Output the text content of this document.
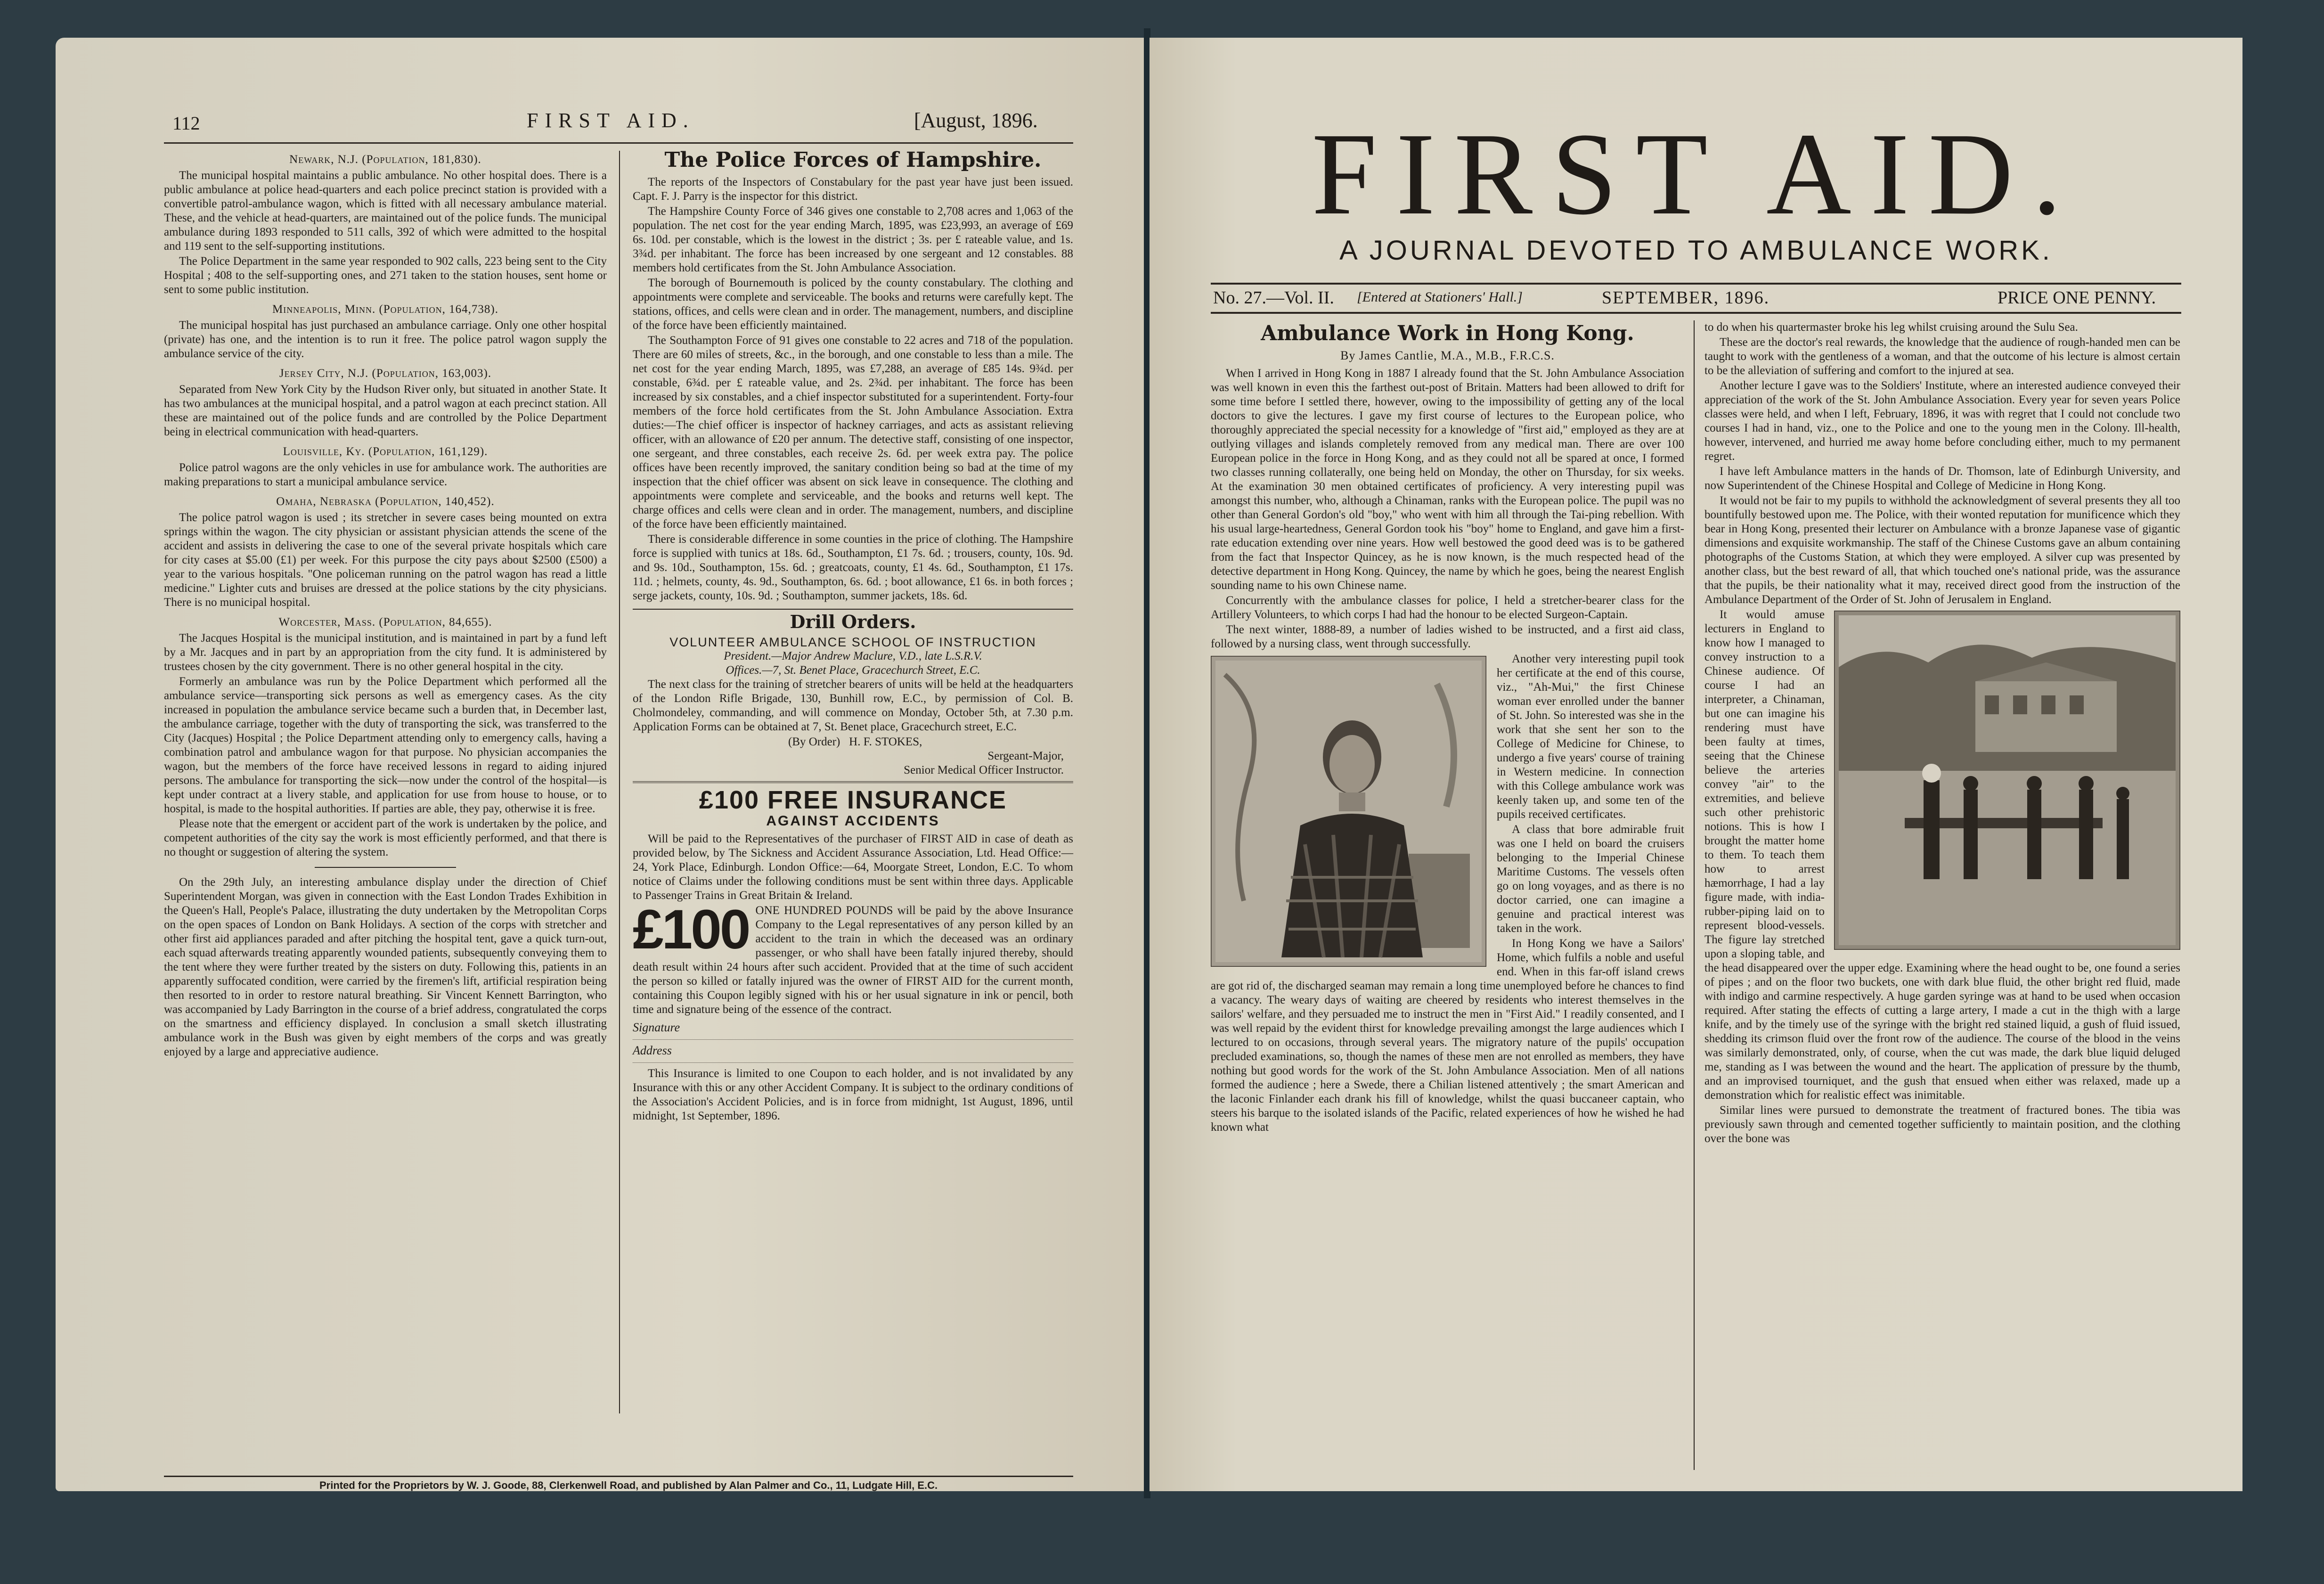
112	FIRST AID.	[August, 1896.
Newark, N.J. (Population, 181,830).

The municipal hospital maintains a public ambulance. No other hospital does. There is a public ambulance at police head-quarters and each police precinct station is provided with a convertible patrol-ambulance wagon, which is fitted with all necessary ambulance material. These, and the vehicle at head-quarters, are maintained out of the police funds. The municipal ambulance during 1893 responded to 511 calls, 392 of which were admitted to the hospital and 119 sent to the self-supporting institutions.

The Police Department in the same year responded to 902 calls, 223 being sent to the City Hospital ; 408 to the self-supporting ones, and 271 taken to the station houses, sent home or sent to some public institution.

Minneapolis, Minn. (Population, 164,738).

The municipal hospital has just purchased an ambulance carriage. Only one other hospital (private) has one, and the intention is to run it free. The police patrol wagon supply the ambulance service of the city.

Jersey City, N.J. (Population, 163,003).

Separated from New York City by the Hudson River only, but situated in another State. It has two ambulances at the municipal hospital, and a patrol wagon at each precinct station. All these are maintained out of the police funds and are controlled by the Police Department being in electrical communication with head-quarters.

Louisville, Ky. (Population, 161,129).

Police patrol wagons are the only vehicles in use for ambulance work. The authorities are making preparations to start a municipal ambulance service.

Omaha, Nebraska (Population, 140,452).

The police patrol wagon is used ; its stretcher in severe cases being mounted on extra springs within the wagon. The city physician or assistant physician attends the scene of the accident and assists in delivering the case to one of the several private hospitals which care for city cases at $5.00 (£1) per week. For this purpose the city pays about $2500 (£500) a year to the various hospitals. "One policeman running on the patrol wagon has read a little medicine." Lighter cuts and bruises are dressed at the police stations by the city physicians. There is no municipal hospital.

Worcester, Mass. (Population, 84,655).

The Jacques Hospital is the municipal institution, and is maintained in part by a fund left by a Mr. Jacques and in part by an appropriation from the city fund. It is administered by trustees chosen by the city government. There is no other general hospital in the city.

Formerly an ambulance was run by the Police Department which performed all the ambulance service—transporting sick persons as well as emergency cases. As the city increased in population the ambulance service became such a burden that, in December last, the ambulance carriage, together with the duty of transporting the sick, was transferred to the City (Jacques) Hospital ; the Police Department attending only to emergency calls, having a combination patrol and ambulance wagon for that purpose. No physician accompanies the wagon, but the members of the force have received lessons in regard to aiding injured persons. The ambulance for transporting the sick—now under the control of the hospital—is kept under contract at a livery stable, and application for use from house to house, or to hospital, is made to the hospital authorities. If parties are able, they pay, otherwise it is free.

Please note that the emergent or accident part of the work is undertaken by the police, and competent authorities of the city say the work is most efficiently performed, and that there is no thought or suggestion of altering the system.

On the 29th July, an interesting ambulance display under the direction of Chief Superintendent Morgan, was given in connection with the East London Trades Exhibition in the Queen's Hall, People's Palace, illustrating the duty undertaken by the Metropolitan Corps on the open spaces of London on Bank Holidays. A section of the corps with stretcher and other first aid appliances paraded and after pitching the hospital tent, gave a quick turn-out, each squad afterwards treating apparently wounded patients, subsequently conveying them to the tent where they were further treated by the sisters on duty. Following this, patients in an apparently suffocated condition, were carried by the firemen's lift, artificial respiration being then resorted to in order to restore natural breathing. Sir Vincent Kennett Barrington, who was accompanied by Lady Barrington in the course of a brief address, congratulated the corps on the smartness and efficiency displayed. In conclusion a small sketch illustrating ambulance work in the Bush was given by eight members of the corps and was greatly enjoyed by a large and appreciative audience.

The Police Forces of Hampshire.

The reports of the Inspectors of Constabulary for the past year have just been issued. Capt. F. J. Parry is the inspector for this district.

The Hampshire County Force of 346 gives one constable to 2,708 acres and 1,063 of the population. The net cost for the year ending March, 1895, was £23,993, an average of £69 6s. 10d. per constable, which is the lowest in the district ; 3s. per £ rateable value, and 1s. 3¾d. per inhabitant. The force has been increased by one sergeant and 12 constables. 88 members hold certificates from the St. John Ambulance Association.

The borough of Bournemouth is policed by the county constabulary. The clothing and appointments were complete and serviceable. The books and returns were carefully kept. The stations, offices, and cells were clean and in order. The management, numbers, and discipline of the force have been efficiently maintained.

The Southampton Force of 91 gives one constable to 22 acres and 718 of the population. There are 60 miles of streets, &c., in the borough, and one constable to less than a mile. The net cost for the year ending March, 1895, was £7,288, an average of £85 14s. 9¾d. per constable, 6¾d. per £ rateable value, and 2s. 2¾d. per inhabitant. The force has been increased by six constables, and a chief inspector substituted for a superintendent. Forty-four members of the force hold certificates from the St. John Ambulance Association. Extra duties:—The chief officer is inspector of hackney carriages, and acts as assistant relieving officer, with an allowance of £20 per annum. The detective staff, consisting of one inspector, one sergeant, and three constables, each receive 2s. 6d. per week extra pay. The police offices have been recently improved, the sanitary condition being so bad at the time of my inspection that the chief officer was absent on sick leave in consequence. The clothing and appointments were complete and serviceable, and the books and returns well kept. The charge offices and cells were clean and in order. The management, numbers, and discipline of the force have been efficiently maintained.

There is considerable difference in some counties in the price of clothing. The Hampshire force is supplied with tunics at 18s. 6d., Southampton, £1 7s. 6d. ; trousers, county, 10s. 9d. and 9s. 10d., Southampton, 15s. 6d. ; greatcoats, county, £1 4s. 6d., Southampton, £1 17s. 11d. ; helmets, county, 4s. 9d., Southampton, 6s. 6d. ; boot allowance, £1 6s. in both forces ; serge jackets, county, 10s. 9d. ; Southampton, summer jackets, 18s. 6d.

Drill Orders.
VOLUNTEER AMBULANCE SCHOOL OF INSTRUCTION
President.—Major Andrew Maclure, V.D., late L.S.R.V.
Offices.—7, St. Benet Place, Gracechurch Street, E.C.

The next class for the training of stretcher bearers of units will be held at the headquarters of the London Rifle Brigade, 130, Bunhill row, E.C., by permission of Col. B. Cholmondeley, commanding, and will commence on Monday, October 5th, at 7.30 p.m. Application Forms can be obtained at 7, St. Benet place, Gracechurch street, E.C.

(By Order) H. F. STOKES,
Sergeant-Major,
Senior Medical Officer Instructor.
£100 FREE INSURANCE
AGAINST ACCIDENTS

Will be paid to the Representatives of the purchaser of FIRST AID in case of death as provided below, by The Sickness and Accident Assurance Association, Ltd. Head Office:—24, York Place, Edinburgh. London Office:—64, Moorgate Street, London, E.C. To whom notice of Claims under the following conditions must be sent within three days. Applicable to Passenger Trains in Great Britain & Ireland.

£100 ONE HUNDRED POUNDS will be paid by the above Insurance Company to the Legal representatives of any person killed by an accident to the train in which the deceased was an ordinary passenger, or who shall have been fatally injured thereby, should death result within 24 hours after such accident. Provided that at the time of such accident the person so killed or fatally injured was the owner of FIRST AID for the current month, containing this Coupon legibly signed with his or her usual signature in ink or pencil, both time and signature being of the essence of the contract.

Signature
Address

This Insurance is limited to one Coupon to each holder, and is not invalidated by any Insurance with this or any other Accident Company. It is subject to the ordinary conditions of the Association's Accident Policies, and is in force from midnight, 1st August, 1896, until midnight, 1st September, 1896.

Printed for the Proprietors by W. J. Goode, 88, Clerkenwell Road, and published by Alan Palmer and Co., 11, Ludgate Hill, E.C.
FIRST AID.
A JOURNAL DEVOTED TO AMBULANCE WORK.
No. 27.—Vol. II. [Entered at Stationers' Hall.]	SEPTEMBER, 1896.	PRICE ONE PENNY.
Ambulance Work in Hong Kong.
By James Cantlie, M.A., M.B., F.R.C.S.

When I arrived in Hong Kong in 1887 I already found that the St. John Ambulance Association was well known in even this the farthest out-post of Britain. Matters had been allowed to drift for some time before I settled there, however, owing to the impossibility of getting any of the local doctors to give the lectures. I gave my first course of lectures to the European police, who thoroughly appreciated the special necessity for a knowledge of "first aid," employed as they are at outlying villages and islands completely removed from any medical man. There are over 100 European police in the force in Hong Kong, and as they could not all be spared at once, I formed two classes running collaterally, one being held on Monday, the other on Thursday, for six weeks. At the examination 30 men obtained certificates of proficiency. A very interesting pupil was amongst this number, who, although a Chinaman, ranks with the European police. The pupil was no other than General Gordon's old "boy," who went with him all through the Tai-ping rebellion. With his usual large-heartedness, General Gordon took his "boy" home to England, and gave him a first-rate education extending over nine years. How well bestowed the good deed was is to be gathered from the fact that Inspector Quincey, as he is now known, is the much respected head of the detective department in Hong Kong. Quincey, the name by which he goes, being the nearest English sounding name to his own Chinese name.

Concurrently with the ambulance classes for police, I held a stretcher-bearer class for the Artillery Volunteers, to which corps I had had the honour to be elected Surgeon-Captain.

The next winter, 1888-89, a number of ladies wished to be instructed, and a first aid class, followed by a nursing class, went through successfully.

Another very interesting pupil took her certificate at the end of this course, viz., "Ah-Mui," the first Chinese woman ever enrolled under the banner of St. John. So interested was she in the work that she sent her son to the College of Medicine for Chinese, to undergo a five years' course of training in Western medicine. In connection with this College ambulance work was keenly taken up, and some ten of the pupils received certificates.

A class that bore admirable fruit was one I held on board the cruisers belonging to the Imperial Chinese Maritime Customs. The vessels often go on long voyages, and as there is no doctor carried, one can imagine a genuine and practical interest was taken in the work.

In Hong Kong we have a Sailors' Home, which fulfils a noble and useful end. When in this far-off island crews are got rid of, the discharged seaman may remain a long time unemployed before he chances to find a vacancy. The weary days of waiting are cheered by residents who interest themselves in the sailors' welfare, and they persuaded me to instruct the men in "First Aid." I readily consented, and I was well repaid by the evident thirst for knowledge prevailing amongst the large audiences which I lectured to on occasions, through several years. The migratory nature of the pupils' occupation precluded examinations, so, though the names of these men are not enrolled as members, they have nothing but good words for the work of the St. John Ambulance Association. Men of all nations formed the audience ; here a Swede, there a Chilian listened attentively ; the smart American and the laconic Finlander each drank his fill of knowledge, whilst the quasi buccaneer captain, who steers his barque to the isolated islands of the Pacific, related experiences of how he wished he had known what

to do when his quartermaster broke his leg whilst cruising around the Sulu Sea.

These are the doctor's real rewards, the knowledge that the audience of rough-handed men can be taught to work with the gentleness of a woman, and that the outcome of his lecture is almost certain to be the alleviation of suffering and comfort to the injured at sea.

Another lecture I gave was to the Soldiers' Institute, where an interested audience conveyed their appreciation of the work of the St. John Ambulance Association. Every year for seven years Police classes were held, and when I left, February, 1896, it was with regret that I could not conclude two courses I had in hand, viz., one to the Police and one to the young men in the Colony. Ill-health, however, intervened, and hurried me away home before concluding either, much to my permanent regret.

I have left Ambulance matters in the hands of Dr. Thomson, late of Edinburgh University, and now Superintendent of the Chinese Hospital and College of Medicine in Hong Kong.

It would not be fair to my pupils to withhold the acknowledgment of several presents they all too bountifully bestowed upon me. The Police, with their wonted reputation for munificence which they bear in Hong Kong, presented their lecturer on Ambulance with a bronze Japanese vase of gigantic dimensions and exquisite workmanship. The staff of the Chinese Customs gave an album containing photographs of the Customs Station, at which they were employed. A silver cup was presented by another class, but the best reward of all, that which touched one's national pride, was the assurance that the pupils, be their nationality what it may, received direct good from the instruction of the Ambulance Department of the Order of St. John of Jerusalem in England.

It would amuse lecturers in England to know how I managed to convey instruction to a Chinese audience. Of course I had an interpreter, a Chinaman, but one can imagine his rendering must have been faulty at times, seeing that the Chinese believe the arteries convey "air" to the extremities, and believe such other prehistoric notions. This is how I brought the matter home to them. To teach them how to arrest hæmorrhage, I had a lay figure made, with india-rubber-piping laid on to represent blood-vessels. The figure lay stretched upon a sloping table, and the head disappeared over the upper edge. Examining where the head ought to be, one found a series of pipes ; and on the floor two buckets, one with dark blue fluid, the other bright red fluid, made with indigo and carmine respectively. A huge garden syringe was at hand to be used when occasion required. After stating the effects of cutting a large artery, I made a cut in the thigh with a large knife, and by the timely use of the syringe with the bright red stained liquid, a gush of fluid issued, shedding its crimson fluid over the front row of the audience. The course of the blood in the veins was similarly demonstrated, only, of course, when the cut was made, the dark blue liquid deluged me, standing as I was between the wound and the heart. The application of pressure by the thumb, and an improvised tourniquet, and the gush that ensued when either was relaxed, made up a demonstration which for realistic effect was inimitable.

Similar lines were pursued to demonstrate the treatment of fractured bones. The tibia was previously sawn through and cemented together sufficiently to maintain position, and the clothing over the bone was
